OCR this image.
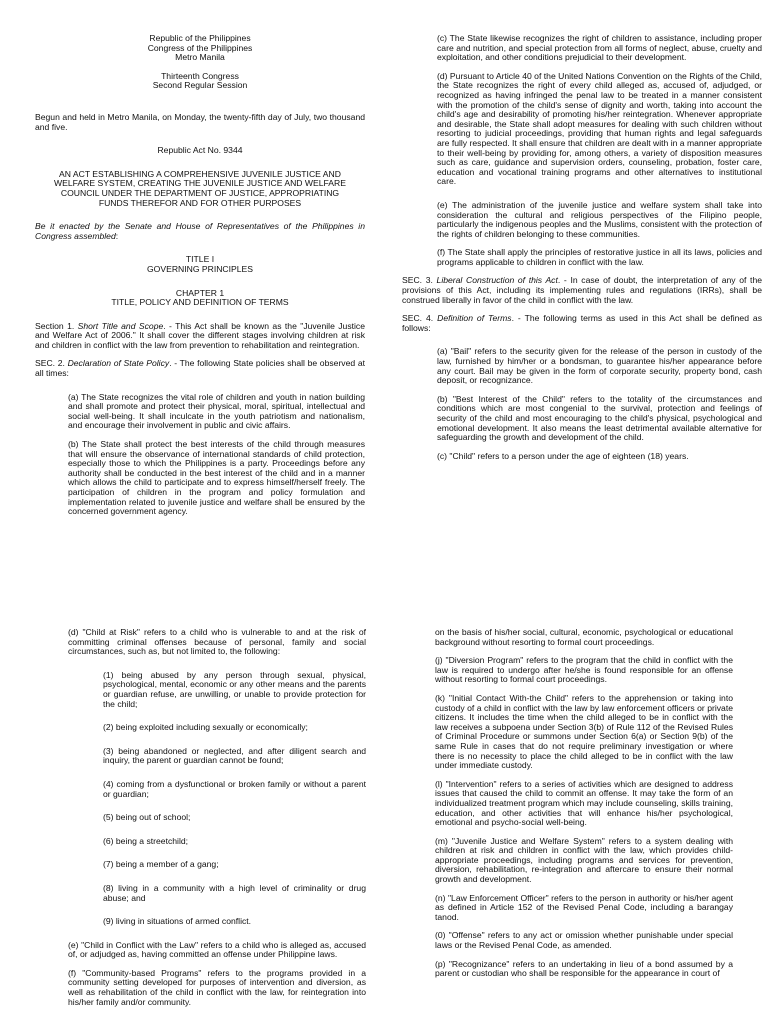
Republic of the Philippines

Congress of the Philippines

Metro Manila

Thirteenth Congress

Second Regular Session

Begun and held in Metro Manila, on Monday, the twenty-fifth day of July, two thousand and five.

Republic Act No. 9344

AN ACT ESTABLISHING A COMPREHENSIVE JUVENILE JUSTICE AND WELFARE SYSTEM, CREATING THE JUVENILE JUSTICE AND WELFARE COUNCIL UNDER THE DEPARTMENT OF JUSTICE, APPROPRIATING FUNDS THEREFOR AND FOR OTHER PURPOSES

Be it enacted by the Senate and House of Representatives of the Philippines in Congress assembled:

TITLE I

GOVERNING PRINCIPLES

CHAPTER 1

TITLE, POLICY AND DEFINITION OF TERMS

Section 1. Short Title and Scope. - This Act shall be known as the "Juvenile Justice and Welfare Act of 2006." It shall cover the different stages involving children at risk and children in conflict with the law from prevention to rehabilitation and reintegration.

SEC. 2. Declaration of State Policy. - The following State policies shall be observed at all times:

(a) The State recognizes the vital role of children and youth in nation building and shall promote and protect their physical, moral, spiritual, intellectual and social well-being. It shall inculcate in the youth patriotism and nationalism, and encourage their involvement in public and civic affairs.

(b) The State shall protect the best interests of the child through measures that will ensure the observance of international standards of child protection, especially those to which the Philippines is a party. Proceedings before any authority shall be conducted in the best interest of the child and in a manner which allows the child to participate and to express himself/herself freely. The participation of children in the program and policy formulation and implementation related to juvenile justice and welfare shall be ensured by the concerned government agency.

(c) The State likewise recognizes the right of children to assistance, including proper care and nutrition, and special protection from all forms of neglect, abuse, cruelty and exploitation, and other conditions prejudicial to their development.

(d) Pursuant to Article 40 of the United Nations Convention on the Rights of the Child, the State recognizes the right of every child alleged as, accused of, adjudged, or recognized as having infringed the penal law to be treated in a manner consistent with the promotion of the child's sense of dignity and worth, taking into account the child's age and desirability of promoting his/her reintegration. Whenever appropriate and desirable, the State shall adopt measures for dealing with such children without resorting to judicial proceedings, providing that human rights and legal safeguards are fully respected. It shall ensure that children are dealt with in a manner appropriate to their well-being by providing for, among others, a variety of disposition measures such as care, guidance and supervision orders, counseling, probation, foster care, education and vocational training programs and other alternatives to institutional care.

(e) The administration of the juvenile justice and welfare system shall take into consideration the cultural and religious perspectives of the Filipino people, particularly the indigenous peoples and the Muslims, consistent with the protection of the rights of children belonging to these communities.

(f) The State shall apply the principles of restorative justice in all its laws, policies and programs applicable to children in conflict with the law.

SEC. 3. Liberal Construction of this Act. - In case of doubt, the interpretation of any of the provisions of this Act, including its implementing rules and regulations (IRRs), shall be construed liberally in favor of the child in conflict with the law.

SEC. 4. Definition of Terms. - The following terms as used in this Act shall be defined as follows:

(a) "Bail" refers to the security given for the release of the person in custody of the law, furnished by him/her or a bondsman, to guarantee his/her appearance before any court. Bail may be given in the form of corporate security, property bond, cash deposit, or recognizance.

(b) "Best Interest of the Child" refers to the totality of the circumstances and conditions which are most congenial to the survival, protection and feelings of security of the child and most encouraging to the child's physical, psychological and emotional development. It also means the least detrimental available alternative for safeguarding the growth and development of the child.

(c) "Child" refers to a person under the age of eighteen (18) years.

(d) "Child at Risk" refers to a child who is vulnerable to and at the risk of committing criminal offenses because of personal, family and social circumstances, such as, but not limited to, the following:

(1) being abused by any person through sexual, physical, psychological, mental, economic or any other means and the parents or guardian refuse, are unwilling, or unable to provide protection for the child;

(2) being exploited including sexually or economically;

(3) being abandoned or neglected, and after diligent search and inquiry, the parent or guardian cannot be found;

(4) coming from a dysfunctional or broken family or without a parent or guardian;

(5) being out of school;

(6) being a streetchild;

(7) being a member of a gang;

(8) living in a community with a high level of criminality or drug abuse; and

(9) living in situations of armed conflict.

(e) "Child in Conflict with the Law" refers to a child who is alleged as, accused of, or adjudged as, having committed an offense under Philippine laws.

(f) "Community-based Programs" refers to the programs provided in a community setting developed for purposes of intervention and diversion, as well as rehabilitation of the child in conflict with the law, for reintegration into his/her family and/or community.

on the basis of his/her social, cultural, economic, psychological or educational background without resorting to formal court proceedings.

(j) "Diversion Program" refers to the program that the child in conflict with the law is required to undergo after he/she is found responsible for an offense without resorting to formal court proceedings.

(k) "Initial Contact With-the Child" refers to the apprehension or taking into custody of a child in conflict with the law by law enforcement officers or private citizens. It includes the time when the child alleged to be in conflict with the law receives a subpoena under Section 3(b) of Rule 112 of the Revised Rules of Criminal Procedure or summons under Section 6(a) or Section 9(b) of the same Rule in cases that do not require preliminary investigation or where there is no necessity to place the child alleged to be in conflict with the law under immediate custody.

(l) "Intervention" refers to a series of activities which are designed to address issues that caused the child to commit an offense. It may take the form of an individualized treatment program which may include counseling, skills training, education, and other activities that will enhance his/her psychological, emotional and psycho-social well-being.

(m) "Juvenile Justice and Welfare System" refers to a system dealing with children at risk and children in conflict with the law, which provides child-appropriate proceedings, including programs and services for prevention, diversion, rehabilitation, re-integration and aftercare to ensure their normal growth and development.

(n) "Law Enforcement Officer" refers to the person in authority or his/her agent as defined in Article 152 of the Revised Penal Code, including a barangay tanod.

(0) "Offense" refers to any act or omission whether punishable under special laws or the Revised Penal Code, as amended.

(p) "Recognizance" refers to an undertaking in lieu of a bond assumed by a parent or custodian who shall be responsible for the appearance in court of
